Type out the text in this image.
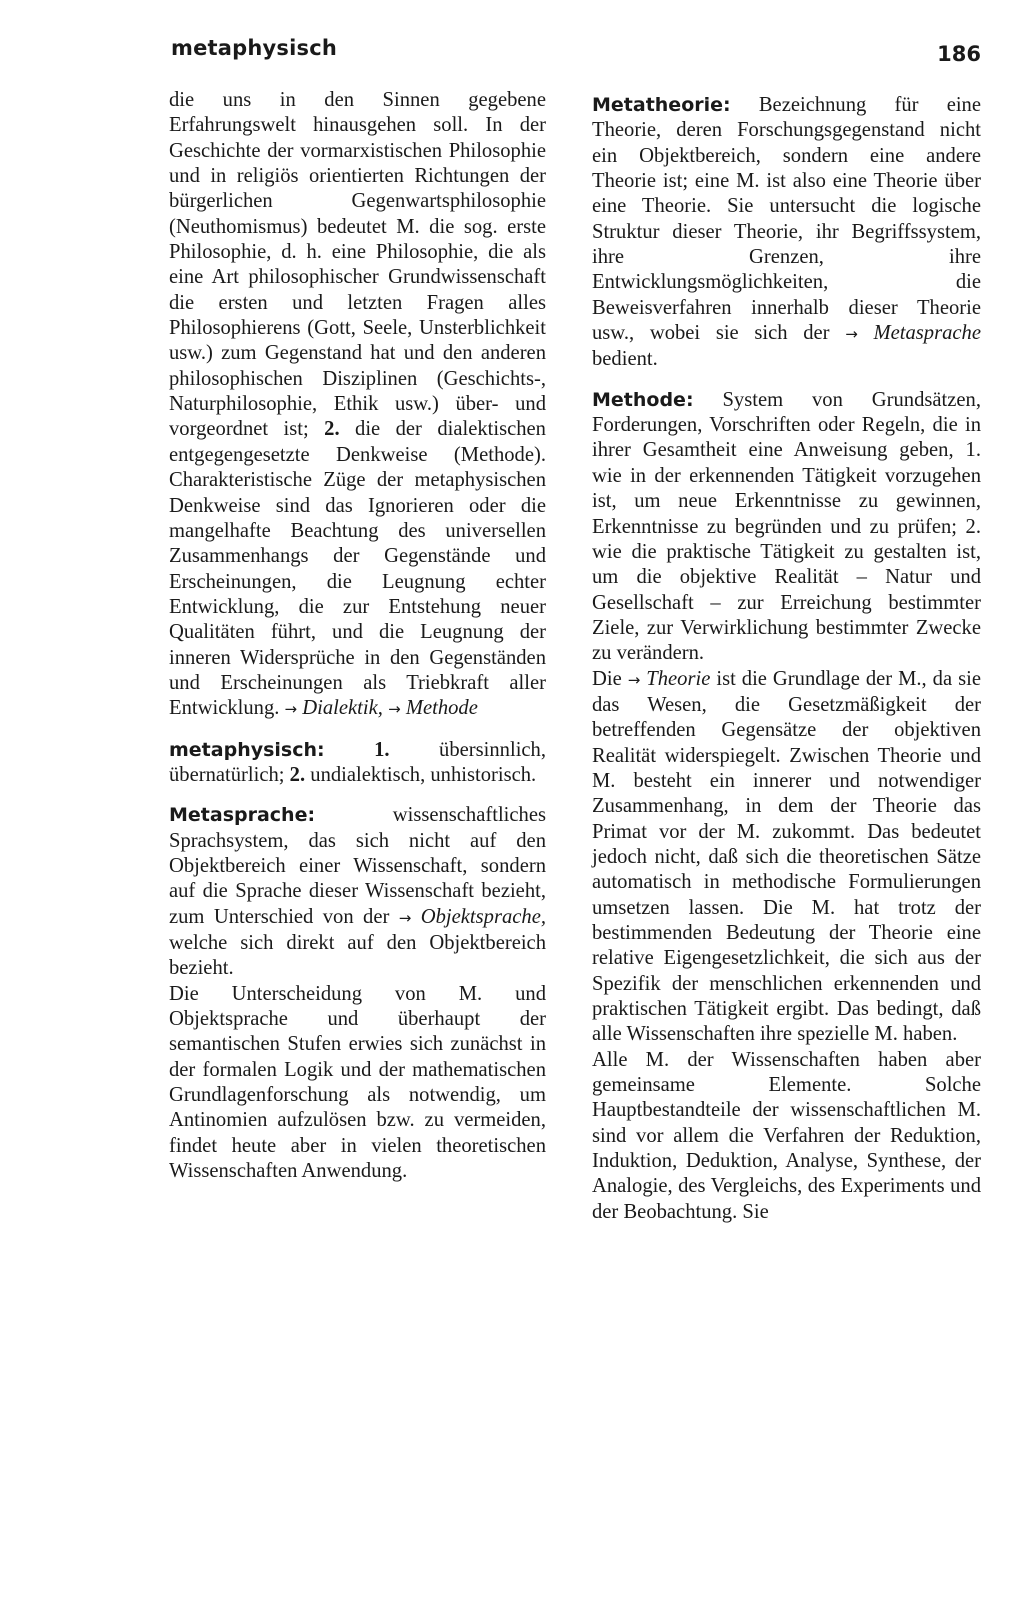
metaphysisch	186

die uns in den Sinnen gegebene Erfahrungswelt hinausgehen soll. In der Geschichte der vormarxistischen Philosophie und in religiös orientierten Richtungen der bürgerlichen Gegenwartsphilosophie (Neuthomismus) bedeutet M. die sog. erste Philosophie, d. h. eine Philosophie, die als eine Art philosophischer Grundwissenschaft die ersten und letzten Fragen alles Philosophierens (Gott, Seele, Unsterblichkeit usw.) zum Gegenstand hat und den anderen philosophischen Disziplinen (Geschichts-, Naturphilosophie, Ethik usw.) über- und vorgeordnet ist; 2. die der dialektischen entgegengesetzte Denkweise (Methode). Charakteristische Züge der metaphysischen Denkweise sind das Ignorieren oder die mangelhafte Beachtung des universellen Zusammenhangs der Gegenstände und Erscheinungen, die Leugnung echter Entwicklung, die zur Entstehung neuer Qualitäten führt, und die Leugnung der inneren Widersprüche in den Gegenständen und Erscheinungen als Triebkraft aller Entwicklung. → Dialektik, → Methode

metaphysisch: 1. übersinnlich, übernatürlich; 2. undialektisch, unhistorisch.

Metasprache:	wissenschaftliches Sprachsystem, das sich nicht auf den Objektbereich einer Wissenschaft, sondern auf die Sprache dieser Wissenschaft bezieht, zum Unterschied von der → Objektsprache, welche sich direkt auf den Objektbereich bezieht.

Die Unterscheidung von M. und Objektsprache und überhaupt der semantischen Stufen erwies sich zunächst in der formalen Logik und der mathematischen Grundlagenforschung als notwendig, um Antinomien aufzulösen bzw. zu vermeiden, findet heute aber in vielen theoretischen Wissenschaften Anwendung.

Metatheorie: Bezeichnung für eine Theorie, deren Forschungsgegenstand nicht ein Objektbereich, sondern eine andere Theorie ist; eine M. ist also eine Theorie über eine Theorie. Sie untersucht die logische Struktur dieser Theorie, ihr Begriffssystem, ihre Grenzen, ihre Entwicklungsmöglichkeiten, die Beweisverfahren innerhalb dieser Theorie usw., wobei sie sich der → Metasprache bedient.

Methode: System von Grundsätzen, Forderungen, Vorschriften oder Regeln, die in ihrer Gesamtheit eine Anweisung geben, 1. wie in der erkennenden Tätigkeit vorzugehen ist, um neue Erkenntnisse zu gewinnen, Erkenntnisse zu begründen und zu prüfen; 2. wie die praktische Tätigkeit zu gestalten ist, um die objektive Realität – Natur und Gesellschaft – zur Erreichung bestimmter Ziele, zur Verwirklichung bestimmter Zwecke zu verändern.

Die → Theorie ist die Grundlage der M., da sie das Wesen, die Gesetzmäßigkeit der betreffenden Gegensätze der objektiven Realität widerspiegelt. Zwischen Theorie und M. besteht ein innerer und notwendiger Zusammenhang, in dem der Theorie das Primat vor der M. zukommt. Das bedeutet jedoch nicht, daß sich die theoretischen Sätze automatisch in methodische Formulierungen umsetzen lassen. Die M. hat trotz der bestimmenden Bedeutung der Theorie eine relative Eigengesetzlichkeit, die sich aus der Spezifik der menschlichen erkennenden und praktischen Tätigkeit ergibt. Das bedingt, daß alle Wissenschaften ihre spezielle M. haben.

Alle M. der Wissenschaften haben aber gemeinsame Elemente. Solche Hauptbestandteile der wissenschaftlichen M. sind vor allem die Verfahren der Reduktion, Induktion, Deduktion, Analyse, Synthese, der Analogie, des Vergleichs, des Experiments und der Beobachtung. Sie
